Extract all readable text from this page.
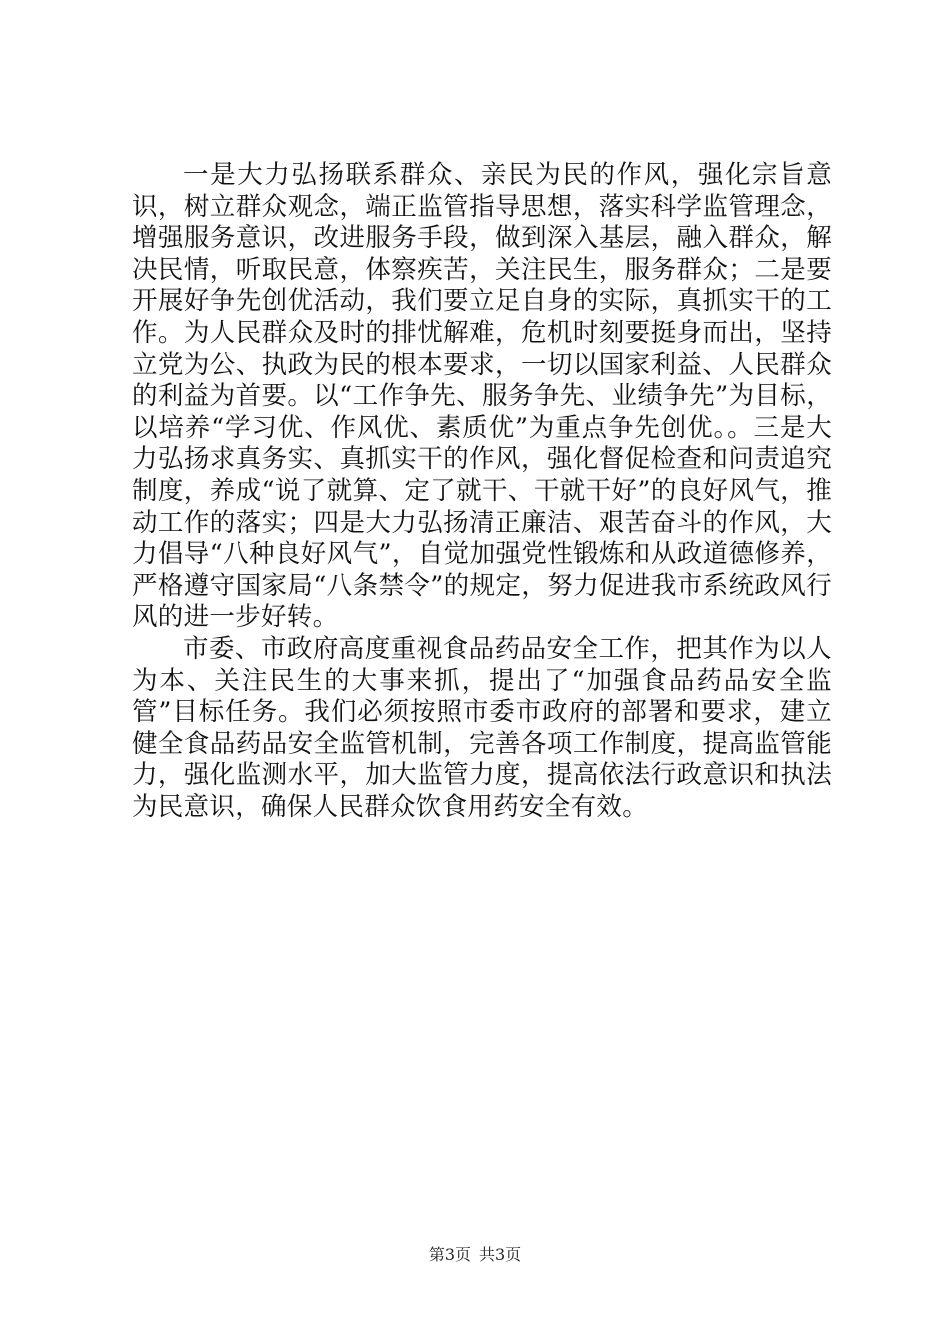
一是大力弘扬联系群众、亲民为民的作风，强化宗旨意识，树立群众观念，端正监管指导思想，落实科学监管理念，增强服务意识，改进服务手段，做到深入基层，融入群众，解决民情，听取民意，体察疾苦，关注民生，服务群众；二是要开展好争先创优活动，我们要立足自身的实际，真抓实干的工作。为人民群众及时的排忧解难，危机时刻要挺身而出，坚持立党为公、执政为民的根本要求，一切以国家利益、人民群众的利益为首要。以“工作争先、服务争先、业绩争先”为目标，以培养“学习优、作风优、素质优”为重点争先创优。。三是大力弘扬求真务实、真抓实干的作风，强化督促检查和问责追究制度，养成“说了就算、定了就干、干就干好”的良好风气，推动工作的落实；四是大力弘扬清正廉洁、艰苦奋斗的作风，大力倡导“八种良好风气”，自觉加强党性锻炼和从政道德修养，严格遵守国家局“八条禁令”的规定，努力促进我市系统政风行风的进一步好转。

市委、市政府高度重视食品药品安全工作，把其作为以人为本、关注民生的大事来抓，提出了“加强食品药品安全监管”目标任务。我们必须按照市委市政府的部署和要求，建立健全食品药品安全监管机制，完善各项工作制度，提高监管能力，强化监测水平，加大监管力度，提高依法行政意识和执法为民意识，确保人民群众饮食用药安全有效。

第3页 共3页
